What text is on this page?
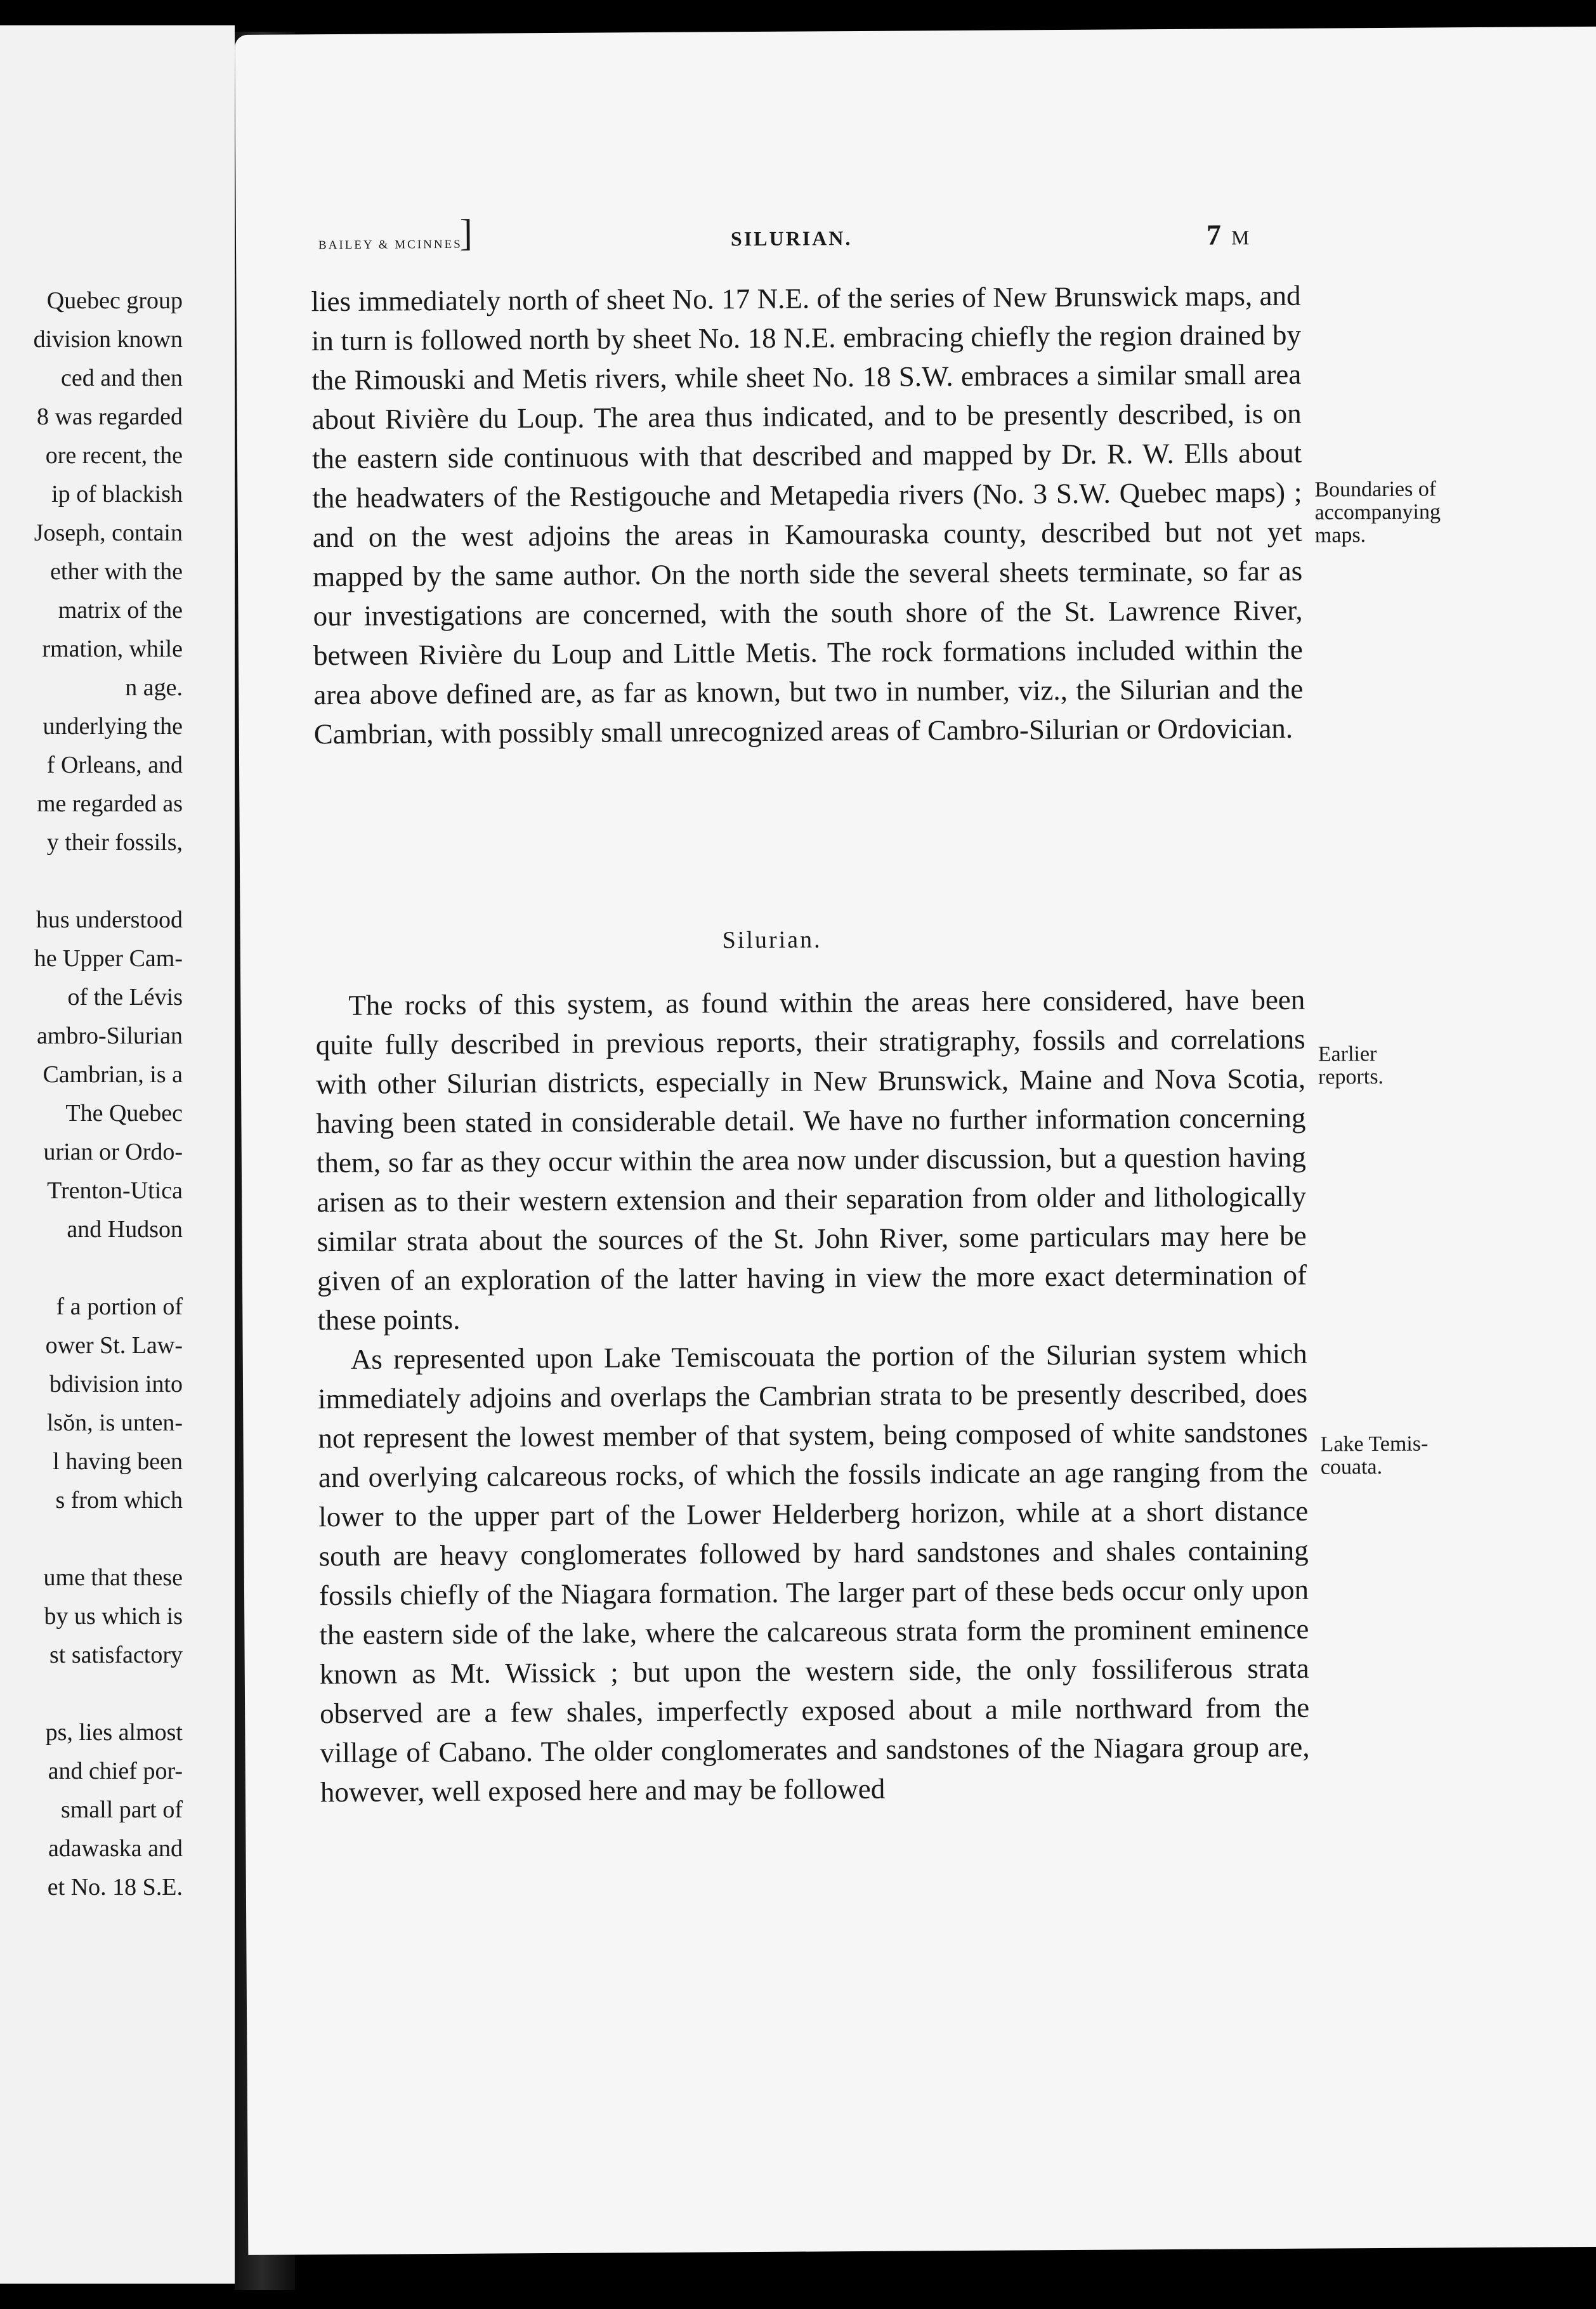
Quebec group
division known
ced and then
8 was regarded
ore recent, the
ip of blackish
Joseph, contain
ether with the
matrix of the
rmation, while
n age.
underlying the
f Orleans, and
me regarded as
y their fossils,
hus understood
he Upper Cam-
of the Lévis
ambro-Silurian
Cambrian, is a
The Quebec
urian or Ordo-
Trenton-Utica
and Hudson
f a portion of
ower St. Law-
bdivision into
lsŏn, is unten-
l having been
s from which
ume that these
by us which is
st satisfactory
ps, lies almost
and chief por-
small part of
adawaska and
et No. 18 S.E.
BAILEY & MCINNES
]	SILURIAN.	7 M

lies immediately north of sheet No. 17 N.E. of the series of New Brunswick maps, and in turn is followed north by sheet No. 18 N.E. embracing chiefly the region drained by the Rimouski and Metis rivers, while sheet No. 18 S.W. embraces a similar small area about Rivière du Loup. The area thus indicated, and to be presently described, is on the eastern side continuous with that described and mapped by Dr. R. W. Ells about the headwaters of the Restigouche and Metapedia rivers (No. 3 S.W. Quebec maps) ; and on the west adjoins the areas in Kamouraska county, described but not yet mapped by the same author. On the north side the several sheets terminate, so far as our investigations are concerned, with the south shore of the St. Lawrence River, between Rivière du Loup and Little Metis. The rock formations included within the area above defined are, as far as known, but two in number, viz., the Silurian and the Cambrian, with possibly small unrecognized areas of Cambro-Silurian or Ordovician.

Silurian.

The rocks of this system, as found within the areas here considered, have been quite fully described in previous reports, their stratigraphy, fossils and correlations with other Silurian districts, especially in New Brunswick, Maine and Nova Scotia, having been stated in considerable detail. We have no further information concerning them, so far as they occur within the area now under discussion, but a question having arisen as to their western extension and their separation from older and lithologically similar strata about the sources of the St. John River, some particulars may here be given of an exploration of the latter having in view the more exact determination of these points.

As represented upon Lake Temiscouata the portion of the Silurian system which immediately adjoins and overlaps the Cambrian strata to be presently described, does not represent the lowest member of that system, being composed of white sandstones and overlying calcareous rocks, of which the fossils indicate an age ranging from the lower to the upper part of the Lower Helderberg horizon, while at a short distance south are heavy conglomerates followed by hard sandstones and shales containing fossils chiefly of the Niagara formation. The larger part of these beds occur only upon the eastern side of the lake, where the calcareous strata form the prominent eminence known as Mt. Wissick ; but upon the western side, the only fossiliferous strata observed are a few shales, imperfectly exposed about a mile northward from the village of Cabano. The older conglomerates and sandstones of the Niagara group are, however, well exposed here and may be followed

Boundaries of
accompanying
maps.
Earlier
reports.
Lake Temis-
couata.
